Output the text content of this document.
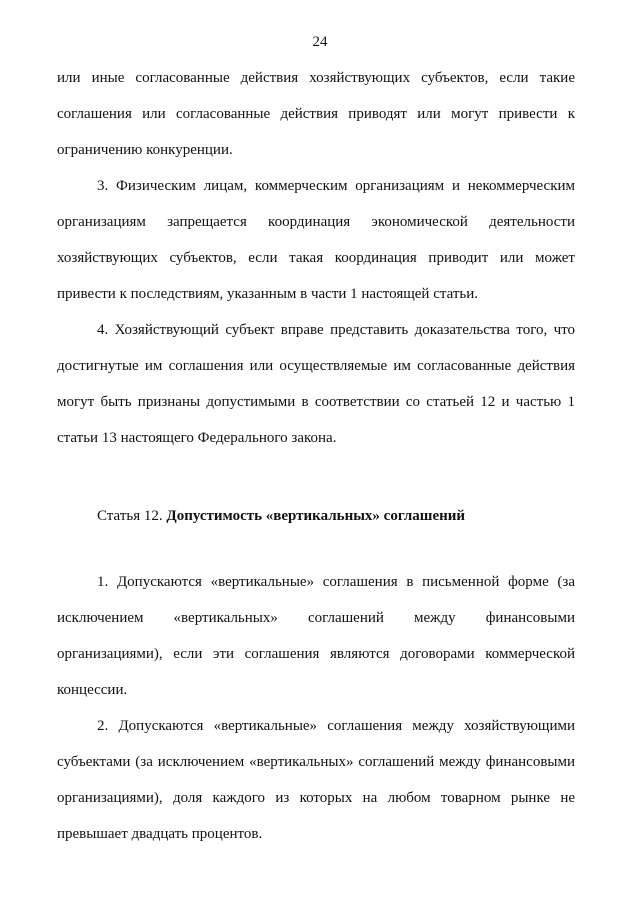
24

или иные согласованные действия хозяйствующих субъектов, если такие соглашения или согласованные действия приводят или могут привести к ограничению конкуренции.

3. Физическим лицам, коммерческим организациям и некоммерческим организациям запрещается координация экономической деятельности хозяйствующих субъектов, если такая координация приводит или может привести к последствиям, указанным в части 1 настоящей статьи.

4. Хозяйствующий субъект вправе представить доказательства того, что достигнутые им соглашения или осуществляемые им согласованные действия могут быть признаны допустимыми в соответствии со статьей 12 и частью 1 статьи 13 настоящего Федерального закона.

Статья 12. Допустимость «вертикальных» соглашений

1. Допускаются «вертикальные» соглашения в письменной форме (за исключением «вертикальных» соглашений между финансовыми организациями), если эти соглашения являются договорами коммерческой концессии.

2. Допускаются «вертикальные» соглашения между хозяйствующими субъектами (за исключением «вертикальных» соглашений между финансовыми организациями), доля каждого из которых на любом товарном рынке не превышает двадцать процентов.
